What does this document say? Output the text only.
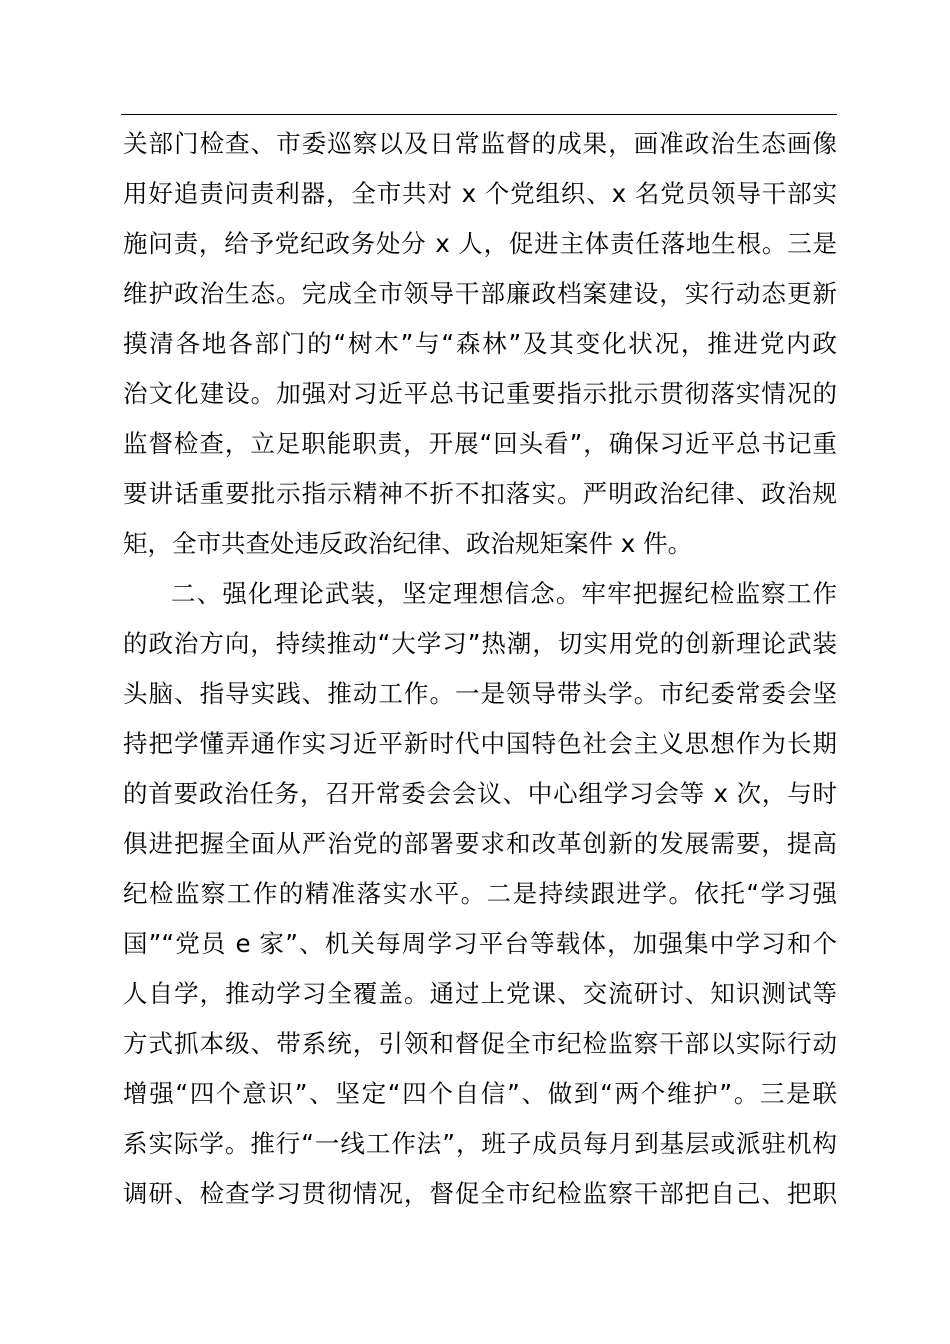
关部门检查、市委巡察以及日常监督的成果，画准政治生态画像
用好追责问责利器，全市共对 x 个党组织、x 名党员领导干部实
施问责，给予党纪政务处分 x 人，促进主体责任落地生根。三是
维护政治生态。完成全市领导干部廉政档案建设，实行动态更新
摸清各地各部门的“树木”与“森林”及其变化状况，推进党内政
治文化建设。加强对习近平总书记重要指示批示贯彻落实情况的
监督检查，立足职能职责，开展“回头看”，确保习近平总书记重
要讲话重要批示指示精神不折不扣落实。严明政治纪律、政治规
矩，全市共查处违反政治纪律、政治规矩案件 x 件。
二、强化理论武装，坚定理想信念。牢牢把握纪检监察工作
的政治方向，持续推动“大学习”热潮，切实用党的创新理论武装
头脑、指导实践、推动工作。一是领导带头学。市纪委常委会坚
持把学懂弄通作实习近平新时代中国特色社会主义思想作为长期
的首要政治任务，召开常委会会议、中心组学习会等 x 次，与时
俱进把握全面从严治党的部署要求和改革创新的发展需要，提高
纪检监察工作的精准落实水平。二是持续跟进学。依托“学习强
国”“党员 e 家”、机关每周学习平台等载体，加强集中学习和个
人自学，推动学习全覆盖。通过上党课、交流研讨、知识测试等
方式抓本级、带系统，引领和督促全市纪检监察干部以实际行动
增强“四个意识”、坚定“四个自信”、做到“两个维护”。三是联
系实际学。推行“一线工作法”，班子成员每月到基层或派驻机构
调研、检查学习贯彻情况，督促全市纪检监察干部把自己、把职
